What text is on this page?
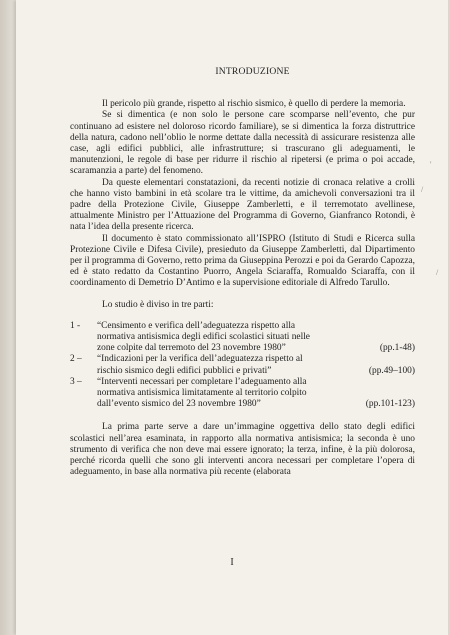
INTRODUZIONE

Il pericolo più grande, rispetto al rischio sismico, è quello di perdere la memoria.

Se si dimentica (e non solo le persone care scomparse nell’evento, che pur continuano ad esistere nel doloroso ricordo familiare), se si dimentica la forza distruttrice della natura, cadono nell’oblio le norme dettate dalla necessità di assicurare resistenza alle case, agli edifici pubblici, alle infrastrutture; si trascurano gli adeguamenti, le manutenzioni, le regole di base per ridurre il rischio al ripetersi (e prima o poi accade, scaramanzia a parte) del fenomeno.

Da queste elementari constatazioni, da recenti notizie di cronaca relative a crolli che hanno visto bambini in età scolare tra le vittime, da amichevoli conversazioni tra il padre della Protezione Civile, Giuseppe Zamberletti, e il terremotato avellinese, attualmente Ministro per l’Attuazione del Programma di Governo, Gianfranco Rotondi, è nata l’idea della presente ricerca.

Il documento è stato commissionato all’ISPRO (Istituto di Studi e Ricerca sulla Protezione Civile e Difesa Civile), presieduto da Giuseppe Zamberletti, dal Dipartimento per il programma di Governo, retto prima da Giuseppina Perozzi e poi da Gerardo Capozza, ed è stato redatto da Costantino Puorro, Angela Sciaraffa, Romualdo Sciaraffa, con il coordinamento di Demetrio D’Antimo e la supervisione editoriale di Alfredo Tarullo.

Lo studio è diviso in tre parti:

1 -	“Censimento e verifica dell’adeguatezza rispetto alla
normativa antisismica degli edifici scolastici situati nelle
zone colpite dal terremoto del 23 novembre 1980”	(pp.1-48)
2 –	“Indicazioni per la verifica dell’adeguatezza rispetto al
rischio sismico degli edifici pubblici e privati”	(pp.49–100)
3 –	“Interventi necessari per completare l’adeguamento alla
normativa antisismica limitatamente al territorio colpito
dall’evento sismico del 23 novembre 1980”	(pp.101-123)

La prima parte serve a dare un’immagine oggettiva dello stato degli edifici scolastici nell’area esaminata, in rapporto alla normativa antisismica; la seconda è uno strumento di verifica che non deve mai essere ignorato; la terza, infine, è la più dolorosa, perché ricorda quelli che sono gli interventi ancora necessari per completare l’opera di adeguamento, in base alla normativa più recente (elaborata

I
'
/
/
